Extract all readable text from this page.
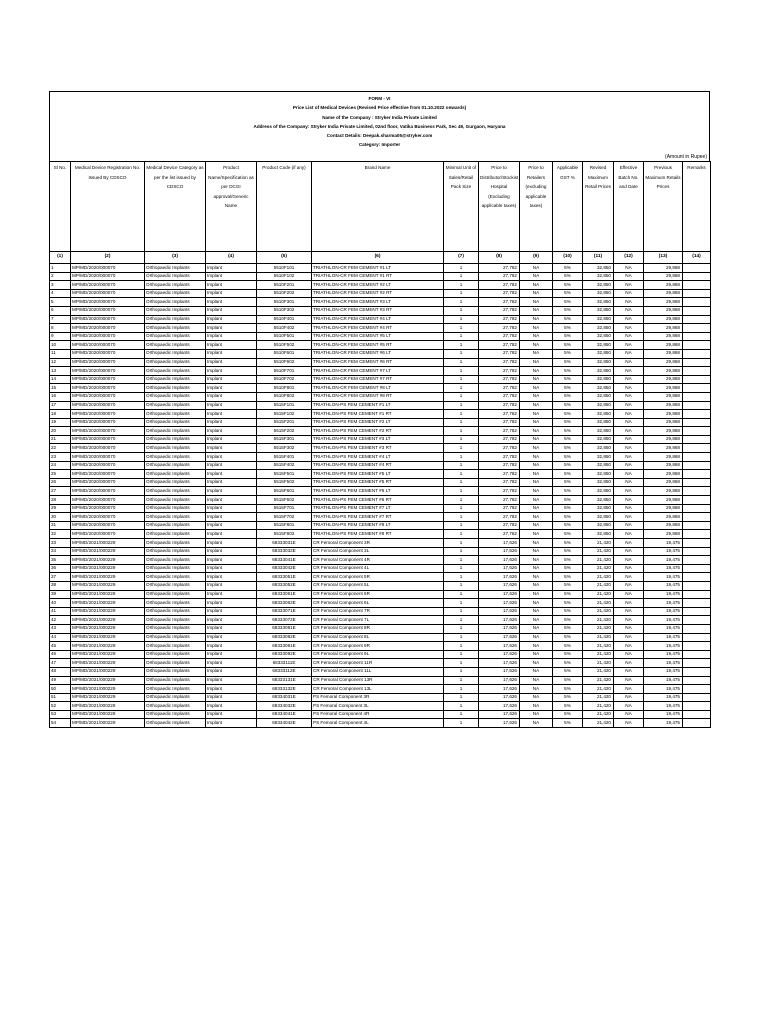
FORM - VI
Price List of Medical Devices (Revised Price effective from 01.10.2022 onwards)
Name of the Company : Stryker India Private Limited
Address of the Company: Stryker India Private Limited, 02nd floor, Vatika Business Park, Sec 49, Gurgaon, Haryana
Contact Details: Deepak.sharma05@stryker.com
Category: Importer
(Amount in Rupee)
Sl No.	Medical Device Registration No. Issued By CDSCO	Medical Device Category as per the list issued by CDSCO	Product Name/Specification as per DCGI approval/Generic Name	Product Code (if any)	Brand Name	Minimal Unit of Sales/Retail Pack Size	Price to Distributor/Stockist Hospital (Excluding applicable taxes)	Price to Retailers (excluding applicable taxes)	Applicable GST %	Revised Maximum Retail Prices	Effective Batch No. and Date	Previous Maximum Retails Prices	Remarks
(1)	(2)	(3)	(4)	(5)	(6)	(7)	(8)	(9)	(10)	(11)	(12)	(13)	(14)
1	MP/MD/2020/000070	Orthopaedic Implants	Implant	5510F101	TRIATHLON-CR FEM CEMENT #1 LT	1	27,782	NA	5%	32,850	NA	29,868	
2	MP/MD/2020/000070	Orthopaedic Implants	Implant	5510F102	TRIATHLON-CR FEM CEMENT #1 RT	1	27,782	NA	5%	32,850	NA	29,868	
3	MP/MD/2020/000070	Orthopaedic Implants	Implant	5510F201	TRIATHLON-CR FEM CEMENT #2 LT	1	27,782	NA	5%	32,850	NA	29,868	
4	MP/MD/2020/000070	Orthopaedic Implants	Implant	5510F202	TRIATHLON-CR FEM CEMENT #2 RT	1	27,782	NA	5%	32,850	NA	29,868	
5	MP/MD/2020/000070	Orthopaedic Implants	Implant	5510F301	TRIATHLON-CR FEM CEMENT #3 LT	1	27,782	NA	5%	32,850	NA	29,868	
6	MP/MD/2020/000070	Orthopaedic Implants	Implant	5510F302	TRIATHLON-CR FEM CEMENT #3 RT	1	27,782	NA	5%	32,850	NA	29,868	
7	MP/MD/2020/000070	Orthopaedic Implants	Implant	5510F401	TRIATHLON-CR FEM CEMENT #4 LT	1	27,782	NA	5%	32,850	NA	29,868	
8	MP/MD/2020/000070	Orthopaedic Implants	Implant	5510F402	TRIATHLON-CR FEM CEMENT #4 RT	1	27,782	NA	5%	32,850	NA	29,868	
9	MP/MD/2020/000070	Orthopaedic Implants	Implant	5510F501	TRIATHLON-CR FEM CEMENT #5 LT	1	27,782	NA	5%	32,850	NA	29,868	
10	MP/MD/2020/000070	Orthopaedic Implants	Implant	5510F502	TRIATHLON-CR FEM CEMENT #5 RT	1	27,782	NA	5%	32,850	NA	29,868	
11	MP/MD/2020/000070	Orthopaedic Implants	Implant	5510F601	TRIATHLON-CR FEM CEMENT #6 LT	1	27,782	NA	5%	32,850	NA	29,868	
12	MP/MD/2020/000070	Orthopaedic Implants	Implant	5510F602	TRIATHLON-CR FEM CEMENT #6 RT	1	27,782	NA	5%	32,850	NA	29,868	
13	MP/MD/2020/000070	Orthopaedic Implants	Implant	5510F701	TRIATHLON-CR FEM CEMENT #7 LT	1	27,782	NA	5%	32,850	NA	29,868	
14	MP/MD/2020/000070	Orthopaedic Implants	Implant	5510F702	TRIATHLON-CR FEM CEMENT #7 RT	1	27,782	NA	5%	32,850	NA	29,868	
15	MP/MD/2020/000070	Orthopaedic Implants	Implant	5510F801	TRIATHLON-CR FEM CEMENT #8 LT	1	27,782	NA	5%	32,850	NA	29,868	
16	MP/MD/2020/000070	Orthopaedic Implants	Implant	5510F802	TRIATHLON-CR FEM CEMENT #8 RT	1	27,782	NA	5%	32,850	NA	29,868	
17	MP/MD/2020/000070	Orthopaedic Implants	Implant	5515F101	TRIATHLON-PS FEM CEMENT #1 LT	1	27,782	NA	5%	32,850	NA	29,868	
18	MP/MD/2020/000070	Orthopaedic Implants	Implant	5515F102	TRIATHLON-PS FEM CEMENT #1 RT	1	27,782	NA	5%	32,850	NA	29,868	
19	MP/MD/2020/000070	Orthopaedic Implants	Implant	5515F201	TRIATHLON-PS FEM CEMENT #2 LT	1	27,782	NA	5%	32,850	NA	29,868	
20	MP/MD/2020/000070	Orthopaedic Implants	Implant	5515F202	TRIATHLON-PS FEM CEMENT #2 RT	1	27,782	NA	5%	32,850	NA	29,868	
21	MP/MD/2020/000070	Orthopaedic Implants	Implant	5515F301	TRIATHLON-PS FEM CEMENT #3 LT	1	27,782	NA	5%	32,850	NA	29,868	
22	MP/MD/2020/000070	Orthopaedic Implants	Implant	5515F302	TRIATHLON-PS FEM CEMENT #3 RT	1	27,782	NA	5%	32,850	NA	29,868	
23	MP/MD/2020/000070	Orthopaedic Implants	Implant	5515F401	TRIATHLON-PS FEM CEMENT #4 LT	1	27,782	NA	5%	32,850	NA	29,868	
24	MP/MD/2020/000070	Orthopaedic Implants	Implant	5515F402	TRIATHLON-PS FEM CEMENT #4 RT	1	27,782	NA	5%	32,850	NA	29,868	
25	MP/MD/2020/000070	Orthopaedic Implants	Implant	5515F501	TRIATHLON-PS FEM CEMENT #5 LT	1	27,782	NA	5%	32,850	NA	29,868	
26	MP/MD/2020/000070	Orthopaedic Implants	Implant	5515F502	TRIATHLON-PS FEM CEMENT #5 RT	1	27,782	NA	5%	32,850	NA	29,868	
27	MP/MD/2020/000070	Orthopaedic Implants	Implant	5515F601	TRIATHLON-PS FEM CEMENT #6 LT	1	27,782	NA	5%	32,850	NA	29,868	
28	MP/MD/2020/000070	Orthopaedic Implants	Implant	5515F602	TRIATHLON-PS FEM CEMENT #6 RT	1	27,782	NA	5%	32,850	NA	29,868	
29	MP/MD/2020/000070	Orthopaedic Implants	Implant	5515F701	TRIATHLON-PS FEM CEMENT #7 LT	1	27,782	NA	5%	32,850	NA	29,868	
30	MP/MD/2020/000070	Orthopaedic Implants	Implant	5515F702	TRIATHLON-PS FEM CEMENT #7 RT	1	27,782	NA	5%	32,850	NA	29,868	
31	MP/MD/2020/000070	Orthopaedic Implants	Implant	5515F801	TRIATHLON-PS FEM CEMENT #8 LT	1	27,782	NA	5%	32,850	NA	29,868	
32	MP/MD/2020/000070	Orthopaedic Implants	Implant	5515F802	TRIATHLON-PS FEM CEMENT #8 RT	1	27,782	NA	5%	32,850	NA	29,868	
33	MP/MD/2021/000229	Orthopaedic Implants	Implant	6833303​1E	CR Femoral Component 3R	1	17,626	NA	5%	21,420	NA	19,475	
34	MP/MD/2021/000229	Orthopaedic Implants	Implant	68333032E	CR Femoral Component 3L	1	17,626	NA	5%	21,420	NA	19,475	
35	MP/MD/2021/000229	Orthopaedic Implants	Implant	68333041E	CR Femoral Component 4R	1	17,626	NA	5%	21,420	NA	19,475	
36	MP/MD/2021/000229	Orthopaedic Implants	Implant	68333042E	CR Femoral Component 4L	1	17,626	NA	5%	21,420	NA	19,475	
37	MP/MD/2021/000229	Orthopaedic Implants	Implant	68333051E	CR Femoral Component 5R	1	17,626	NA	5%	21,420	NA	19,475	
38	MP/MD/2021/000229	Orthopaedic Implants	Implant	68333052E	CR Femoral Component 5L	1	17,626	NA	5%	21,420	NA	19,475	
39	MP/MD/2021/000229	Orthopaedic Implants	Implant	68333061E	CR Femoral Component 6R	1	17,626	NA	5%	21,420	NA	19,475	
40	MP/MD/2021/000229	Orthopaedic Implants	Implant	68333062E	CR Femoral Component 6L	1	17,626	NA	5%	21,420	NA	19,475	
41	MP/MD/2021/000229	Orthopaedic Implants	Implant	68333071E	CR Femoral Component 7R	1	17,626	NA	5%	21,420	NA	19,475	
42	MP/MD/2021/000229	Orthopaedic Implants	Implant	68333072E	CR Femoral Component 7L	1	17,626	NA	5%	21,420	NA	19,475	
43	MP/MD/2021/000229	Orthopaedic Implants	Implant	68333081E	CR Femoral Component 8R	1	17,626	NA	5%	21,420	NA	19,475	
44	MP/MD/2021/000229	Orthopaedic Implants	Implant	68333082E	CR Femoral Component 8L	1	17,626	NA	5%	21,420	NA	19,475	
45	MP/MD/2021/000229	Orthopaedic Implants	Implant	68333091E	CR Femoral Component 9R	1	17,626	NA	5%	21,420	NA	19,475	
46	MP/MD/2021/000229	Orthopaedic Implants	Implant	68333092E	CR Femoral Component 9L	1	17,626	NA	5%	21,420	NA	19,475	
47	MP/MD/2021/000229	Orthopaedic Implants	Implant	68333111E	CR Femoral Component 11R	1	17,626	NA	5%	21,420	NA	19,475	
48	MP/MD/2021/000229	Orthopaedic Implants	Implant	68333112E	CR Femoral Component 11L	1	17,626	NA	5%	21,420	NA	19,475	
49	MP/MD/2021/000229	Orthopaedic Implants	Implant	68333131E	CR Femoral Component 13R	1	17,626	NA	5%	21,420	NA	19,475	
50	MP/MD/2021/000229	Orthopaedic Implants	Implant	68333132E	CR Femoral Component 13L	1	17,626	NA	5%	21,420	NA	19,475	
51	MP/MD/2021/000229	Orthopaedic Implants	Implant	68334031E	PS Femoral Component 3R	1	17,626	NA	5%	21,420	NA	19,475	
52	MP/MD/2021/000229	Orthopaedic Implants	Implant	68334032E	PS Femoral Component 3L	1	17,626	NA	5%	21,420	NA	19,475	
53	MP/MD/2021/000229	Orthopaedic Implants	Implant	68334041E	PS Femoral Component 4R	1	17,626	NA	5%	21,420	NA	19,475	
54	MP/MD/2021/000229	Orthopaedic Implants	Implant	68334042E	PS Femoral Component 4L	1	17,626	NA	5%	21,420	NA	19,475	
